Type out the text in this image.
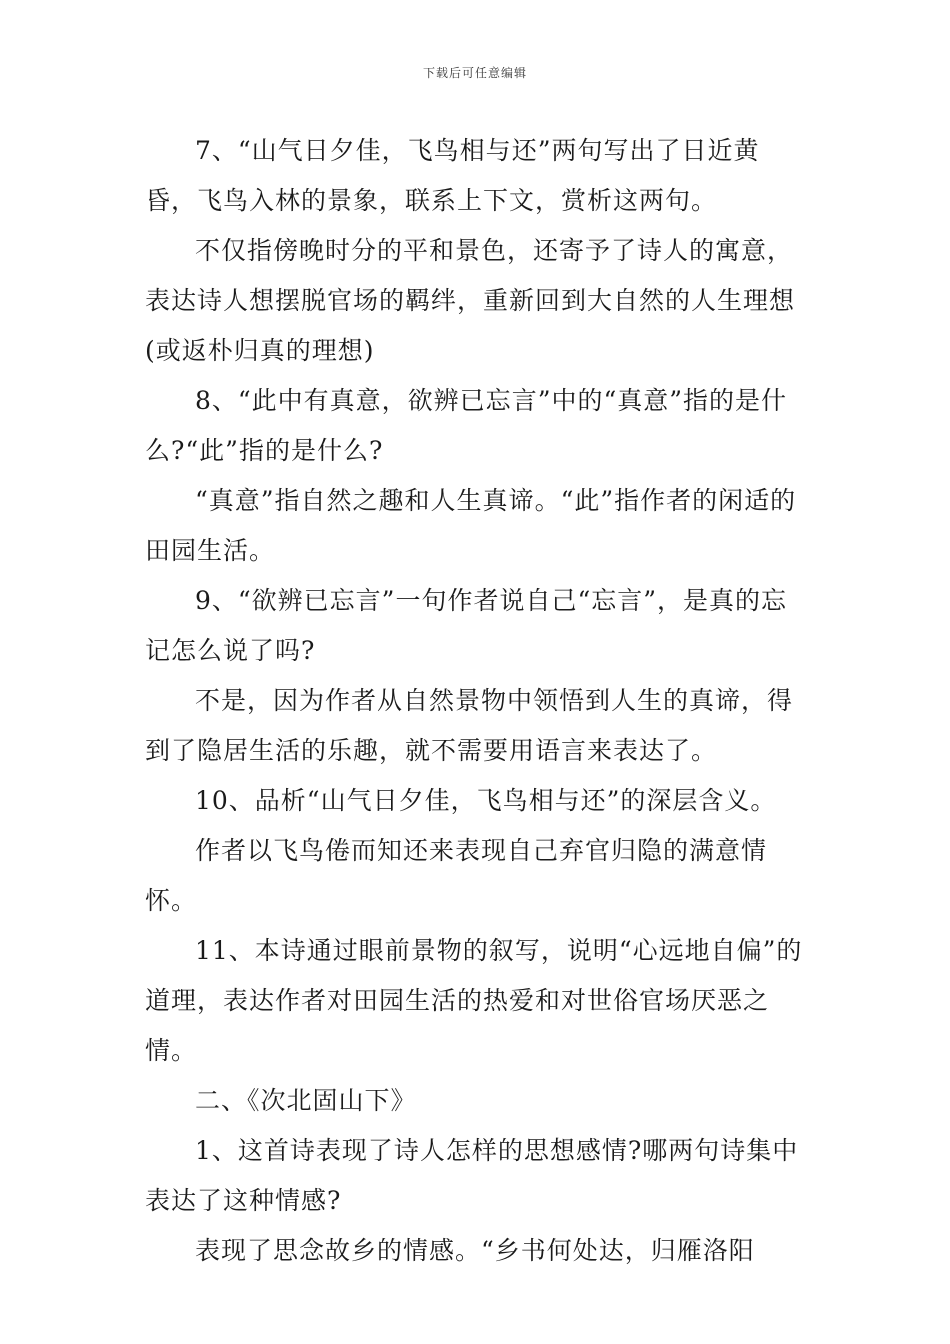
下载后可任意编辑

7、“山气日夕佳，飞鸟相与还”两句写出了日近黄昏，飞鸟入林的景象，联系上下文，赏析这两句。

不仅指傍晚时分的平和景色，还寄予了诗人的寓意，表达诗人想摆脱官场的羁绊，重新回到大自然的人生理想(或返朴归真的理想)

8、“此中有真意，欲辨已忘言”中的“真意”指的是什么?“此”指的是什么?

“真意”指自然之趣和人生真谛。“此”指作者的闲适的田园生活。

9、“欲辨已忘言”一句作者说自己“忘言”，是真的忘记怎么说了吗?

不是，因为作者从自然景物中领悟到人生的真谛，得到了隐居生活的乐趣，就不需要用语言来表达了。

10、品析“山气日夕佳，飞鸟相与还”的深层含义。

作者以飞鸟倦而知还来表现自己弃官归隐的满意情怀。

11、本诗通过眼前景物的叙写，说明“心远地自偏”的道理，表达作者对田园生活的热爱和对世俗官场厌恶之情。

二、《次北固山下》

1、这首诗表现了诗人怎样的思想感情?哪两句诗集中表达了这种情感?

表现了思念故乡的情感。“乡书何处达，归雁洛阳
